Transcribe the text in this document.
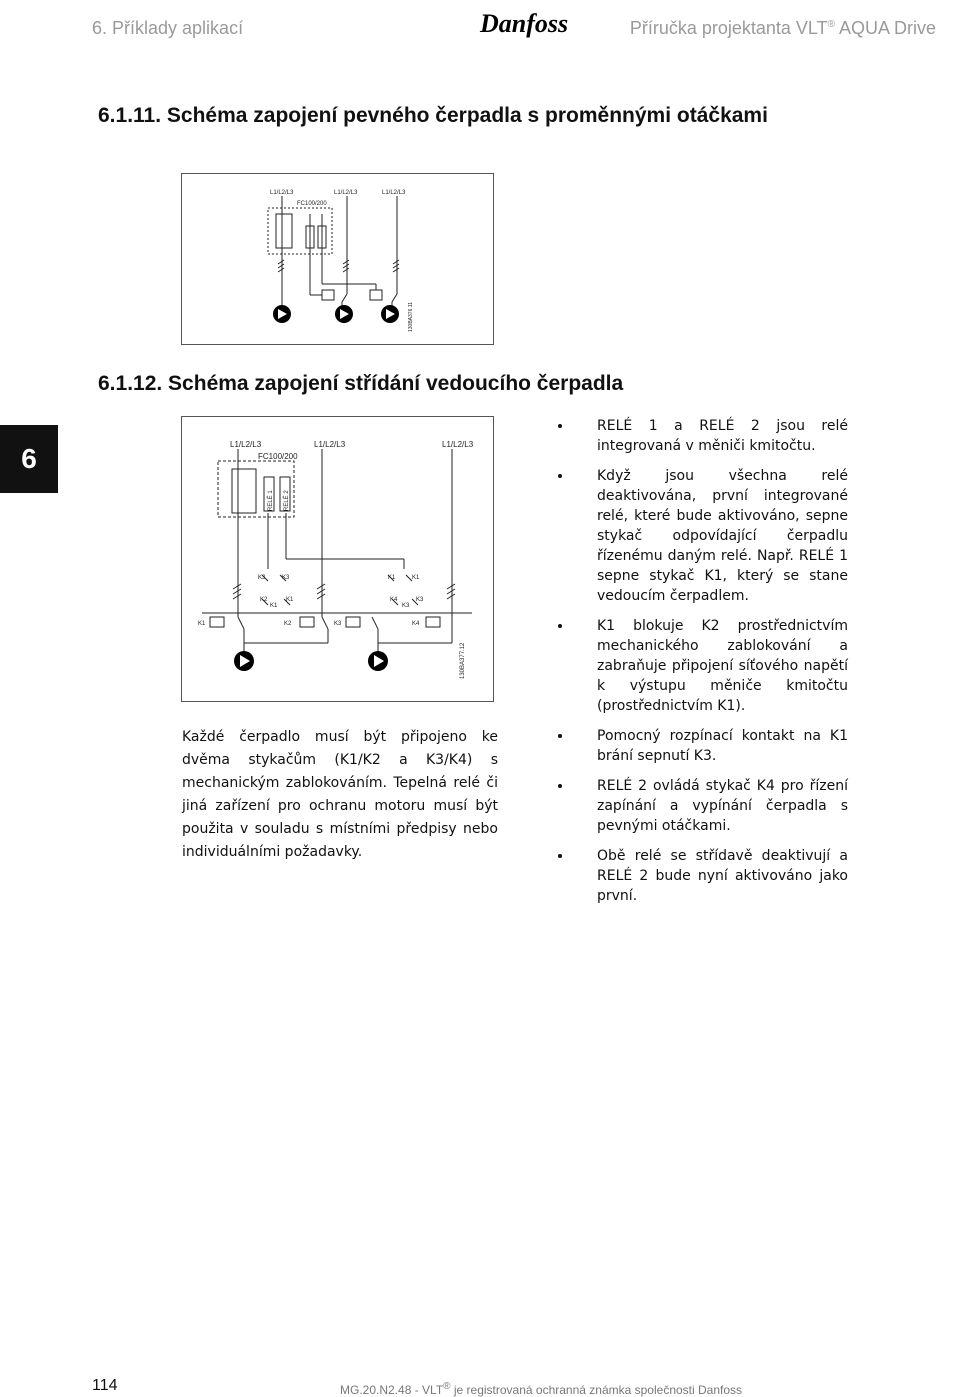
6. Příklady aplikací	Danfoss	Příručka projektanta VLT® AQUA Drive
6.1.11. Schéma zapojení pevného čerpadla s proměnnými otáčkami
L1/L2/L3	L1/L2/L3	L1/L2/L3
FC100/200
130BA376.11
6.1.12. Schéma zapojení střídání vedoucího čerpadla
6	L1/L2/L3	L1/L2/L3	L1/L2/L3
FC100/200
RELÉ 1 RELÉ 2
K3	K3	K1	K1
K2	K1	K4
K3
K1
K3
K1	K2	K3	K4
130BA377.12
Každé čerpadlo musí být připojeno ke dvěma stykačům (K1/K2 a K3/K4) s mechanickým zablokováním. Tepelná relé či jiná zařízení pro ochranu motoru musí být použita v souladu s místními předpisy nebo individuálními požadavky.
RELÉ 1 a RELÉ 2 jsou relé integrovaná v měniči kmitočtu.
Když jsou všechna relé deaktivována, první integrované relé, které bude aktivováno, sepne stykač odpovídající čerpadlu řízenému daným relé. Např. RELÉ 1 sepne stykač K1, který se stane vedoucím čerpadlem.
K1 blokuje K2 prostřednictvím mechanického zablokování a zabraňuje připojení síťového napětí k výstupu měniče kmitočtu (prostřednictvím K1).
Pomocný rozpínací kontakt na K1 brání sepnutí K3.
RELÉ 2 ovládá stykač K4 pro řízení zapínání a vypínání čerpadla s pevnými otáčkami.
Obě relé se střídavě deaktivují a RELÉ 2 bude nyní aktivováno jako první.
114	MG.20.N2.48 - VLT® je registrovaná ochranná známka společnosti Danfoss
